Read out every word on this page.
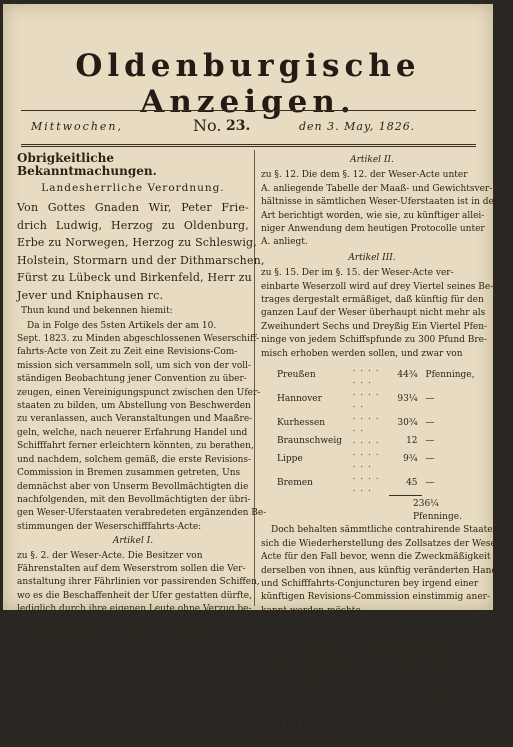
Oldenburgische Anzeigen.
Mittwochen,	No. 23.	den 3. May, 1826.
Obrigkeitliche Bekanntmachungen.
Landesherrliche Verordnung.
Von Gottes Gnaden Wir, Peter Frie-
drich Ludwig, Herzog zu Oldenburg,
Erbe zu Norwegen, Herzog zu Schleswig,
Holstein, Stormarn und der Dithmarschen,
Fürst zu Lübeck und Birkenfeld, Herr zu
Jever und Kniphausen rc.
Thun kund und bekennen hiemit:
Da in Folge des 5sten Artikels der am 10.
Sept. 1823. zu Minden abgeschlossenen Weserschiff-
fahrts-Acte von Zeit zu Zeit eine Revisions-Com-
mission sich versammeln soll, um sich von der voll-
ständigen Beobachtung jener Convention zu über-
zeugen, einen Vereinigungspunct zwischen den Ufer-
staaten zu bilden, um Abstellung von Beschwerden
zu veranlassen, auch Veranstaltungen und Maaßre-
geln, welche, nach neuerer Erfahrung Handel und
Schifffahrt ferner erleichtern könnten, zu berathen,
und nachdem, solchem gemäß, die erste Revisions-
Commission in Bremen zusammen getreten, Uns
demnächst aber von Unserm Bevollmächtigten die
nachfolgenden, mit den Bevollmächtigten der übri-
gen Weser-Uferstaaten verabredeten ergänzenden Be-
stimmungen der Weserschifffahrts-Acte:
Artikel I.
zu §. 2. der Weser-Acte. Die Besitzer von
Fährenstalten auf dem Weserstrom sollen die Ver-
anstaltung ihrer Fährlinien vor passirenden Schiffen,
wo es die Beschaffenheit der Ufer gestatten dürfte,
lediglich durch ihre eigenen Leute ohne Verzug be-
wirken lassen, ohne dabey den Schiffern irgend eine
unfreywillige Beyhülfe zumuthen zu dürfen.
Artikel II.
zu §. 12. Die dem §. 12. der Weser-Acte unter
A. anliegende Tabelle der Maaß- und Gewichtsver-
hältnisse in sämtlichen Weser-Uferstaaten ist in der
Art berichtigt worden, wie sie, zu künftiger allei-
niger Anwendung dem heutigen Protocolle unter
A. anliegt.
Artikel III.
zu §. 15. Der im §. 15. der Weser-Acte ver-
einbarte Weserzoll wird auf drey Viertel seines Be-
trages dergestalt ermäßiget, daß künftig für den
ganzen Lauf der Weser überhaupt nicht mehr als
Zweihundert Sechs und Dreyßig Ein Viertel Pfen-
ninge von jedem Schiffspfunde zu 300 Pfund Bre-
misch erhoben werden sollen, und zwar von
Preußen	. . . . . . .	44¾	Pfenninge,
Hannover	. . . . . .	93¼	—
Kurhessen	. . . . . .	30¾	—
Braunschweig	. . . .	12	—
Lippe	. . . . . . .	9¾	—
Bremen	. . . . . . .	45	—
236¼ Pfenninge.
Doch behalten sämmtliche contrahirende Staaten
sich die Wiederherstellung des Zollsatzes der Weser-
Acte für den Fall bevor, wenn die Zweckmäßigkeit
derselben von ihnen, aus künftig veränderten Handels-
und Schifffahrts-Conjuncturen bey irgend einer
künftigen Revisions-Commission einstimmig aner-
kannt werden möchte.
Artikel IV.
zu §. 16. Die dem §. 16. der Weser-Acte bey-
gefügte Anlage C. ist nach den neuen zum §. 15.
gefaßten Beschlüssen in der Art berichtigt worden,
wie sie nunmehr dem gegenwärtigen Protocolle un-
ter B. zur alleinigen Anwendung beyliegt.
Artikel V.
zu §. 17. Der §. 17. der Weser-Acte ist modi-
ficiret wie folgt:
